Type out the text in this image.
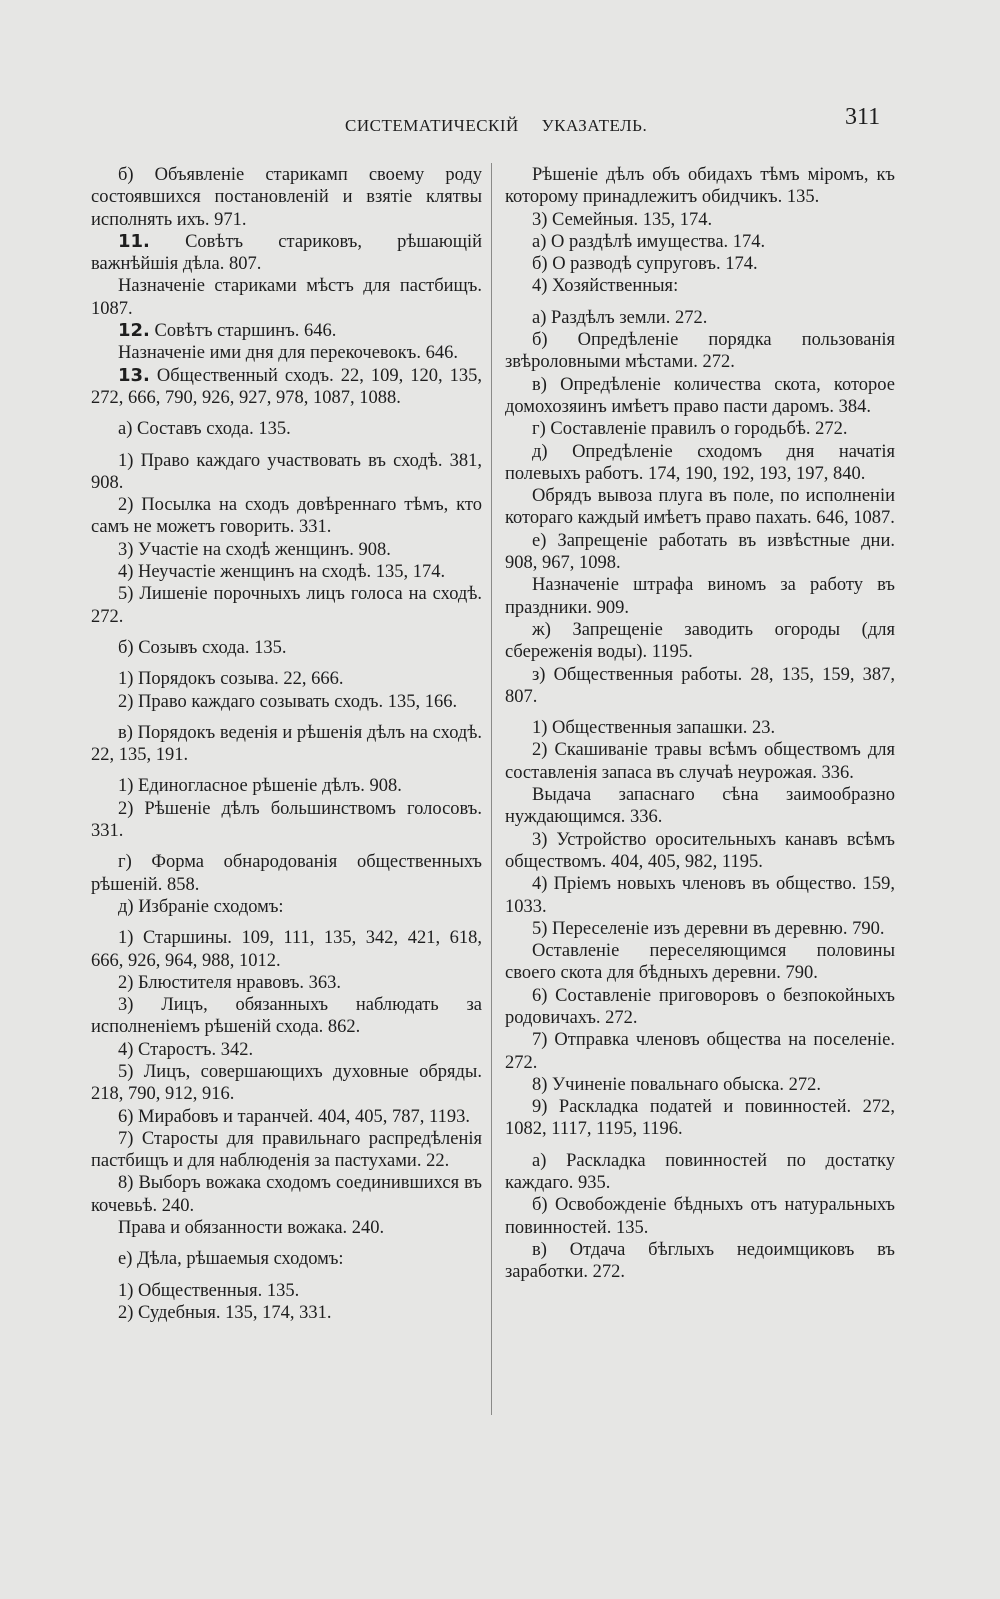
СИСТЕМАТИЧЕСКІЙ УКАЗАТЕЛЬ.	311

б) Объявленіе старикамп своему роду состоявшихся постановленій и взятіе клятвы исполнять ихъ. 971.

11. Совѣтъ стариковъ, рѣшающій важнѣйшія дѣла. 807.

Назначеніе стариками мѣстъ для пастбищъ. 1087.

12. Совѣтъ старшинъ. 646.

Назначеніе ими дня для перекочевокъ. 646.

13. Общественный сходъ. 22, 109, 120, 135, 272, 666, 790, 926, 927, 978, 1087, 1088.

а) Составъ схода. 135.

1) Право каждаго участвовать въ сходѣ. 381, 908.

2) Посылка на сходъ довѣреннаго тѣмъ, кто самъ не можетъ говорить. 331.

3) Участіе на сходѣ женщинъ. 908.

4) Неучастіе женщинъ на сходѣ. 135, 174.

5) Лишеніе порочныхъ лицъ голоса на сходѣ. 272.

б) Созывъ схода. 135.

1) Порядокъ созыва. 22, 666.

2) Право каждаго созывать сходъ. 135, 166.

в) Порядокъ веденія и рѣшенія дѣлъ на сходѣ. 22, 135, 191.

1) Единогласное рѣшеніе дѣлъ. 908.

2) Рѣшеніе дѣлъ большинствомъ голосовъ. 331.

г) Форма обнародованія общественныхъ рѣшеній. 858.

д) Избраніе сходомъ:

1) Старшины. 109, 111, 135, 342, 421, 618, 666, 926, 964, 988, 1012.

2) Блюстителя нравовъ. 363.

3) Лицъ, обязанныхъ наблюдать за исполненіемъ рѣшеній схода. 862.

4) Старостъ. 342.

5) Лицъ, совершающихъ духовные обряды. 218, 790, 912, 916.

6) Мирабовъ и таранчей. 404, 405, 787, 1193.

7) Старосты для правильнаго распредѣленія пастбищъ и для наблюденія за пастухами. 22.

8) Выборъ вожака сходомъ соединившихся въ кочевьѣ. 240.

Права и обязанности вожака. 240.

е) Дѣла, рѣшаемыя сходомъ:

1) Общественныя. 135.

2) Судебныя. 135, 174, 331.

Рѣшеніе дѣлъ объ обидахъ тѣмъ міромъ, къ которому принадлежитъ обидчикъ. 135.

3) Семейныя. 135, 174.

а) О раздѣлѣ имущества. 174.

б) О разводѣ супруговъ. 174.

4) Хозяйственныя:

а) Раздѣлъ земли. 272.

б) Опредѣленіе порядка пользованія звѣроловными мѣстами. 272.

в) Опредѣленіе количества скота, которое домохозяинъ имѣетъ право пасти даромъ. 384.

г) Составленіе правилъ о городьбѣ. 272.

д) Опредѣленіе сходомъ дня начатія полевыхъ работъ. 174, 190, 192, 193, 197, 840.

Обрядъ вывоза плуга въ поле, по исполненіи котораго каждый имѣетъ право пахать. 646, 1087.

е) Запрещеніе работать въ извѣстные дни. 908, 967, 1098.

Назначеніе штрафа виномъ за работу въ праздники. 909.

ж) Запрещеніе заводить огороды (для сбереженія воды). 1195.

з) Общественныя работы. 28, 135, 159, 387, 807.

1) Общественныя запашки. 23.

2) Скашиваніе травы всѣмъ обществомъ для составленія запаса въ случаѣ неурожая. 336.

Выдача запаснаго сѣна заимообразно нуждающимся. 336.

3) Устройство оросительныхъ канавъ всѣмъ обществомъ. 404, 405, 982, 1195.

4) Пріемъ новыхъ членовъ въ общество. 159, 1033.

5) Переселеніе изъ деревни въ деревню. 790.

Оставленіе переселяющимся половины своего скота для бѣдныхъ деревни. 790.

6) Составленіе приговоровъ о безпокойныхъ родовичахъ. 272.

7) Отправка членовъ общества на поселеніе. 272.

8) Учиненіе повальнаго обыска. 272.

9) Раскладка податей и повинностей. 272, 1082, 1117, 1195, 1196.

а) Раскладка повинностей по достатку каждаго. 935.

б) Освобожденіе бѣдныхъ отъ натуральныхъ повинностей. 135.

в) Отдача бѣглыхъ недоимщиковъ въ заработки. 272.
